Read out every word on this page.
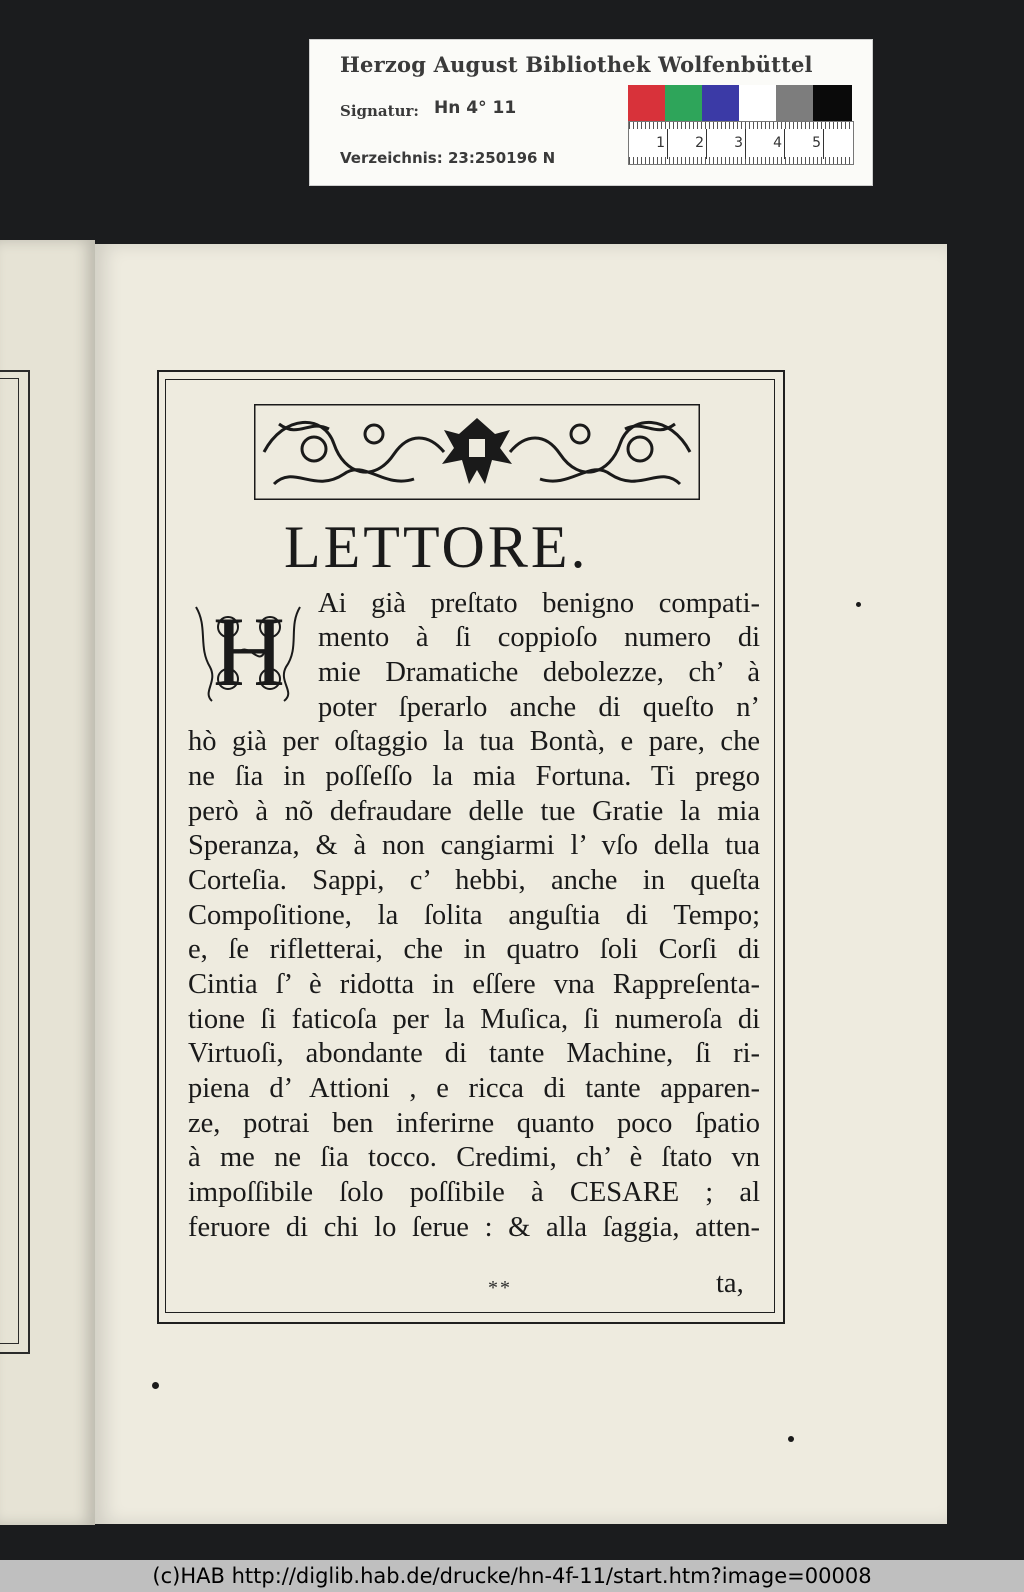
Herzog August Bibliothek Wolfenbüttel
Signatur: Hn 4° 11
Verzeichnis: 23:250196 N
1	2	3	4	5
LETTORE.
H Ai già preſtato benigno compati-
mento à ſi coppioſo numero di
mie Dramatiche debolezze, ch’ à
poter ſperarlo anche di queſto n’
hò già per oſtaggio la tua Bontà, e pare, che
ne ſia in poſſeſſo la mia Fortuna. Ti prego
però à nõ defraudare delle tue Gratie la mia
Speranza, & à non cangiarmi l’ vſo della tua
Corteſia. Sappi, c’ hebbi, anche in queſta
Compoſitione, la ſolita anguſtia di Tempo;
e, ſe rifletterai, che in quatro ſoli Corſi di
Cintia ſ’ è ridotta in eſſere vna Rappreſenta-
tione ſi faticoſa per la Muſica, ſi numeroſa di
Virtuoſi, abondante di tante Machine, ſi ri-
piena d’ Attioni , e ricca di tante apparen-
ze, potrai ben inferirne quanto poco ſpatio
à me ne ſia tocco. Credimi, ch’ è ſtato vn
impoſſibile ſolo poſſibile à CESARE ; al
feruore di chi lo ſerue : & alla ſaggia, atten-
**	ta,
(c)HAB http://diglib.hab.de/drucke/hn-4f-11/start.htm?image=00008
